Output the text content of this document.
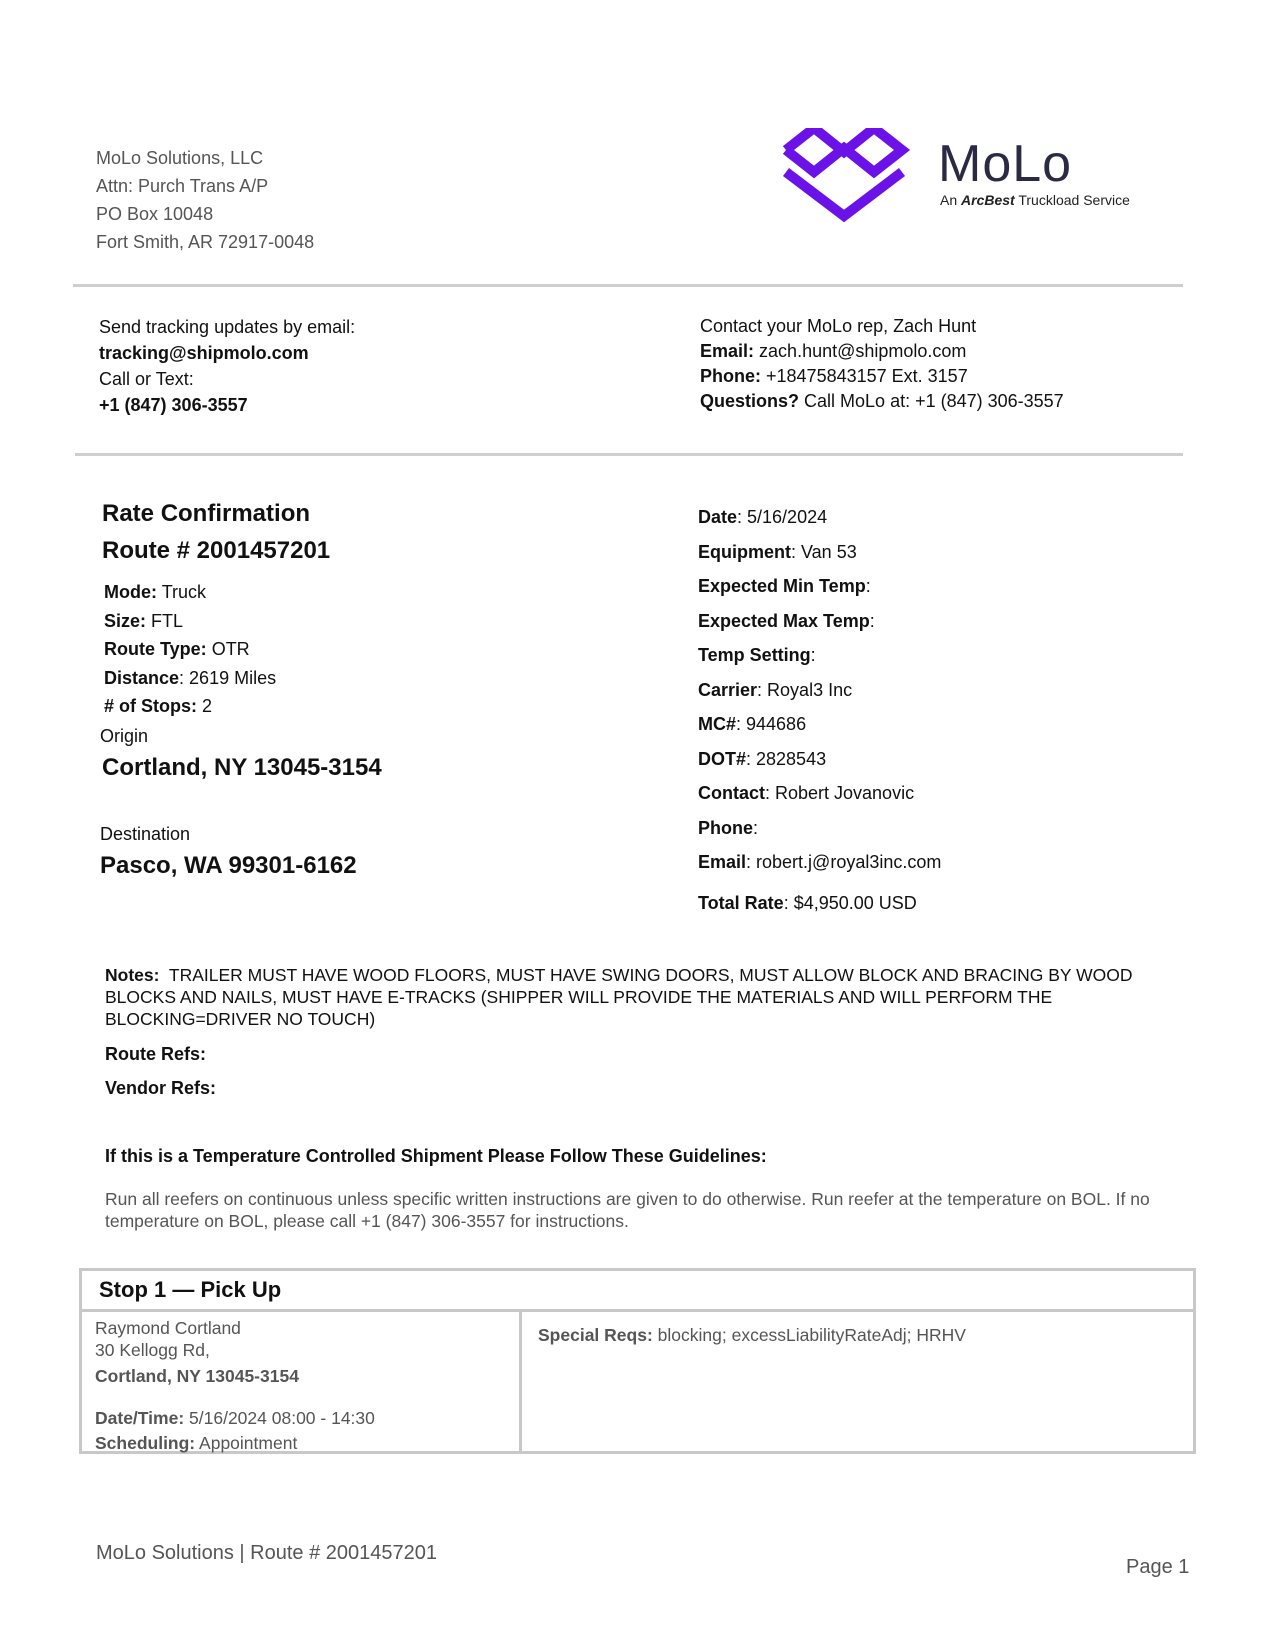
MoLo Solutions, LLC
Attn: Purch Trans A/P
PO Box 10048
Fort Smith, AR 72917-0048
MoLo
An ArcBest Truckload Service
Send tracking updates by email:
tracking@shipmolo.com
Call or Text:
+1 (847) 306-3557
Contact your MoLo rep, Zach Hunt
Email: zach.hunt@shipmolo.com
Phone: +18475843157 Ext. 3157
Questions? Call MoLo at: +1 (847) 306-3557
Rate Confirmation
Route # 2001457201
Mode: Truck
Size: FTL
Route Type: OTR
Distance: 2619 Miles
# of Stops: 2
Origin
Cortland, NY 13045-3154
Destination
Pasco, WA 99301-6162
Date: 5/16/2024
Equipment: Van 53
Expected Min Temp:
Expected Max Temp:
Temp Setting:
Carrier: Royal3 Inc
MC#: 944686
DOT#: 2828543
Contact: Robert Jovanovic
Phone:
Email: robert.j@royal3inc.com
Total Rate: $4,950.00 USD
Notes: TRAILER MUST HAVE WOOD FLOORS, MUST HAVE SWING DOORS, MUST ALLOW BLOCK AND BRACING BY WOOD BLOCKS AND NAILS, MUST HAVE E-TRACKS (SHIPPER WILL PROVIDE THE MATERIALS AND WILL PERFORM THE BLOCKING=DRIVER NO TOUCH)
Route Refs:
Vendor Refs:
If this is a Temperature Controlled Shipment Please Follow These Guidelines:
Run all reefers on continuous unless specific written instructions are given to do otherwise. Run reefer at the temperature on BOL. If no temperature on BOL, please call +1 (847) 306-3557 for instructions.
Stop 1 — Pick Up
Raymond Cortland
30 Kellogg Rd,
Cortland, NY 13045-3154
Date/Time: 5/16/2024 08:00 - 14:30
Scheduling: Appointment
Special Reqs: blocking; excessLiabilityRateAdj; HRHV
MoLo Solutions | Route # 2001457201
Page 1
